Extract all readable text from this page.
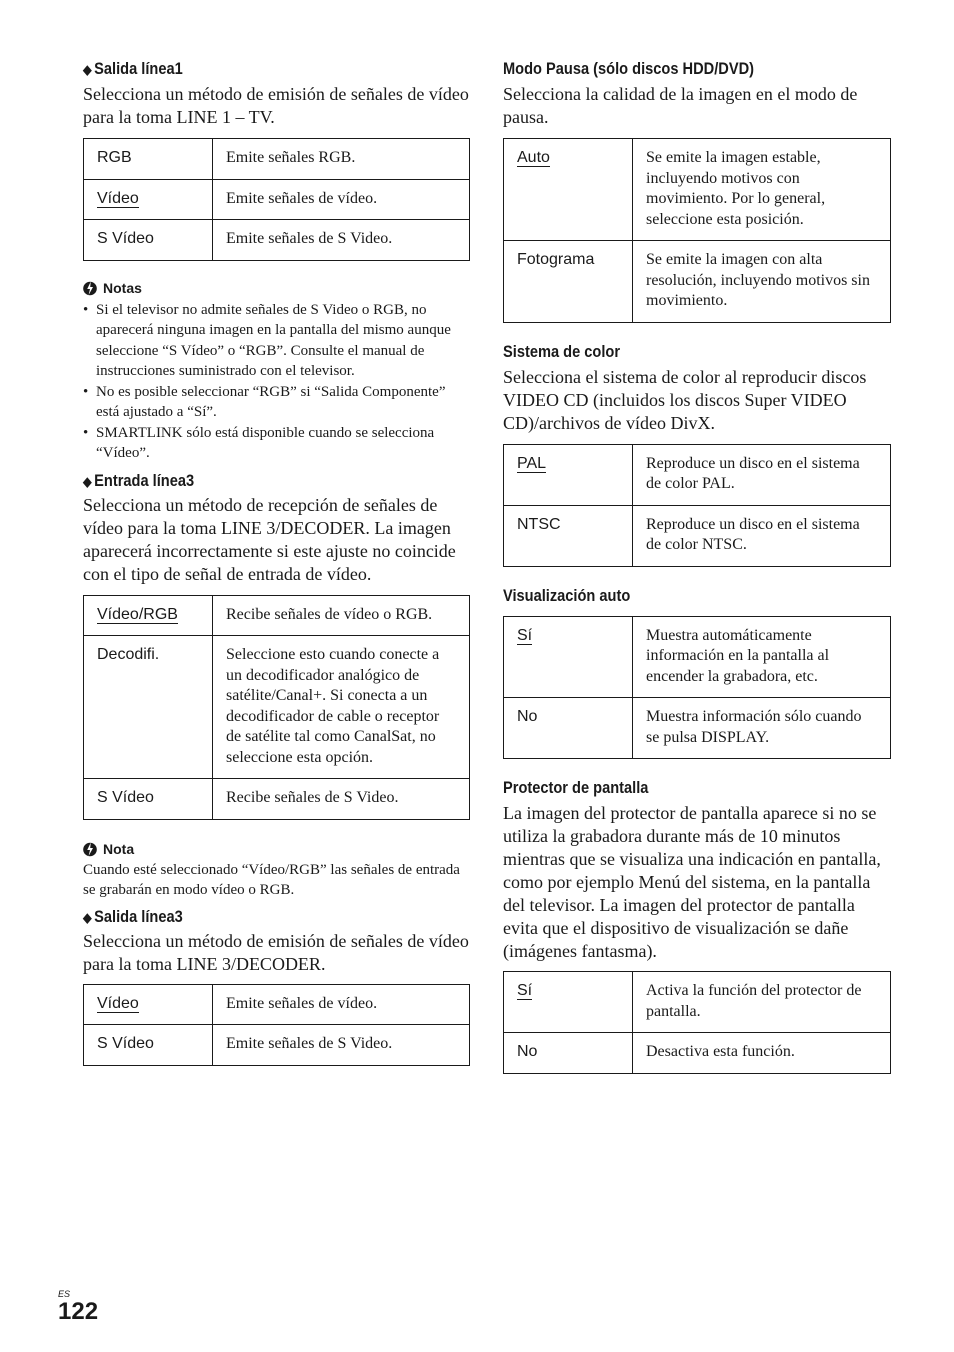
◆ Salida línea1

Selecciona un método de emisión de señales de vídeo para la toma LINE 1 – TV.

RGB	Emite señales RGB.
Vídeo	Emite señales de vídeo.
S Vídeo	Emite señales de S Video.
Notas
• Si el televisor no admite señales de S Video o RGB, no aparecerá ninguna imagen en la pantalla del mismo aunque seleccione “S Vídeo” o “RGB”. Consulte el manual de instrucciones suministrado con el televisor.
• No es posible seleccionar “RGB” si “Salida Componente” está ajustado a “Sí”.
• SMARTLINK sólo está disponible cuando se selecciona “Vídeo”.
◆ Entrada línea3

Selecciona un método de recepción de señales de vídeo para la toma LINE 3/DECODER. La imagen aparecerá incorrectamente si este ajuste no coincide con el tipo de señal de entrada de vídeo.

Vídeo/RGB	Recibe señales de vídeo o RGB.
Decodifi.	Seleccione esto cuando conecte a un decodificador analógico de satélite/Canal+. Si conecta a un decodificador de cable o receptor de satélite tal como CanalSat, no seleccione esta opción.
S Vídeo	Recibe señales de S Video.
Nota

Cuando esté seleccionado “Vídeo/RGB” las señales de entrada se grabarán en modo vídeo o RGB.

◆ Salida línea3

Selecciona un método de emisión de señales de vídeo para la toma LINE 3/DECODER.

Vídeo	Emite señales de vídeo.
S Vídeo	Emite señales de S Video.
Modo Pausa (sólo discos HDD/DVD)

Selecciona la calidad de la imagen en el modo de pausa.

Auto	Se emite la imagen estable, incluyendo motivos con movimiento. Por lo general, seleccione esta posición.
Fotograma	Se emite la imagen con alta resolución, incluyendo motivos sin movimiento.
Sistema de color

Selecciona el sistema de color al reproducir discos VIDEO CD (incluidos los discos Super VIDEO CD)/archivos de vídeo DivX.

PAL	Reproduce un disco en el sistema de color PAL.
NTSC	Reproduce un disco en el sistema de color NTSC.
Visualización auto
Sí	Muestra automáticamente información en la pantalla al encender la grabadora, etc.
No	Muestra información sólo cuando se pulsa DISPLAY.
Protector de pantalla

La imagen del protector de pantalla aparece si no se utiliza la grabadora durante más de 10 minutos mientras que se visualiza una indicación en pantalla, como por ejemplo Menú del sistema, en la pantalla del televisor. La imagen del protector de pantalla evita que el dispositivo de visualización se dañe (imágenes fantasma).

Sí	Activa la función del protector de pantalla.
No	Desactiva esta función.
ES
122
